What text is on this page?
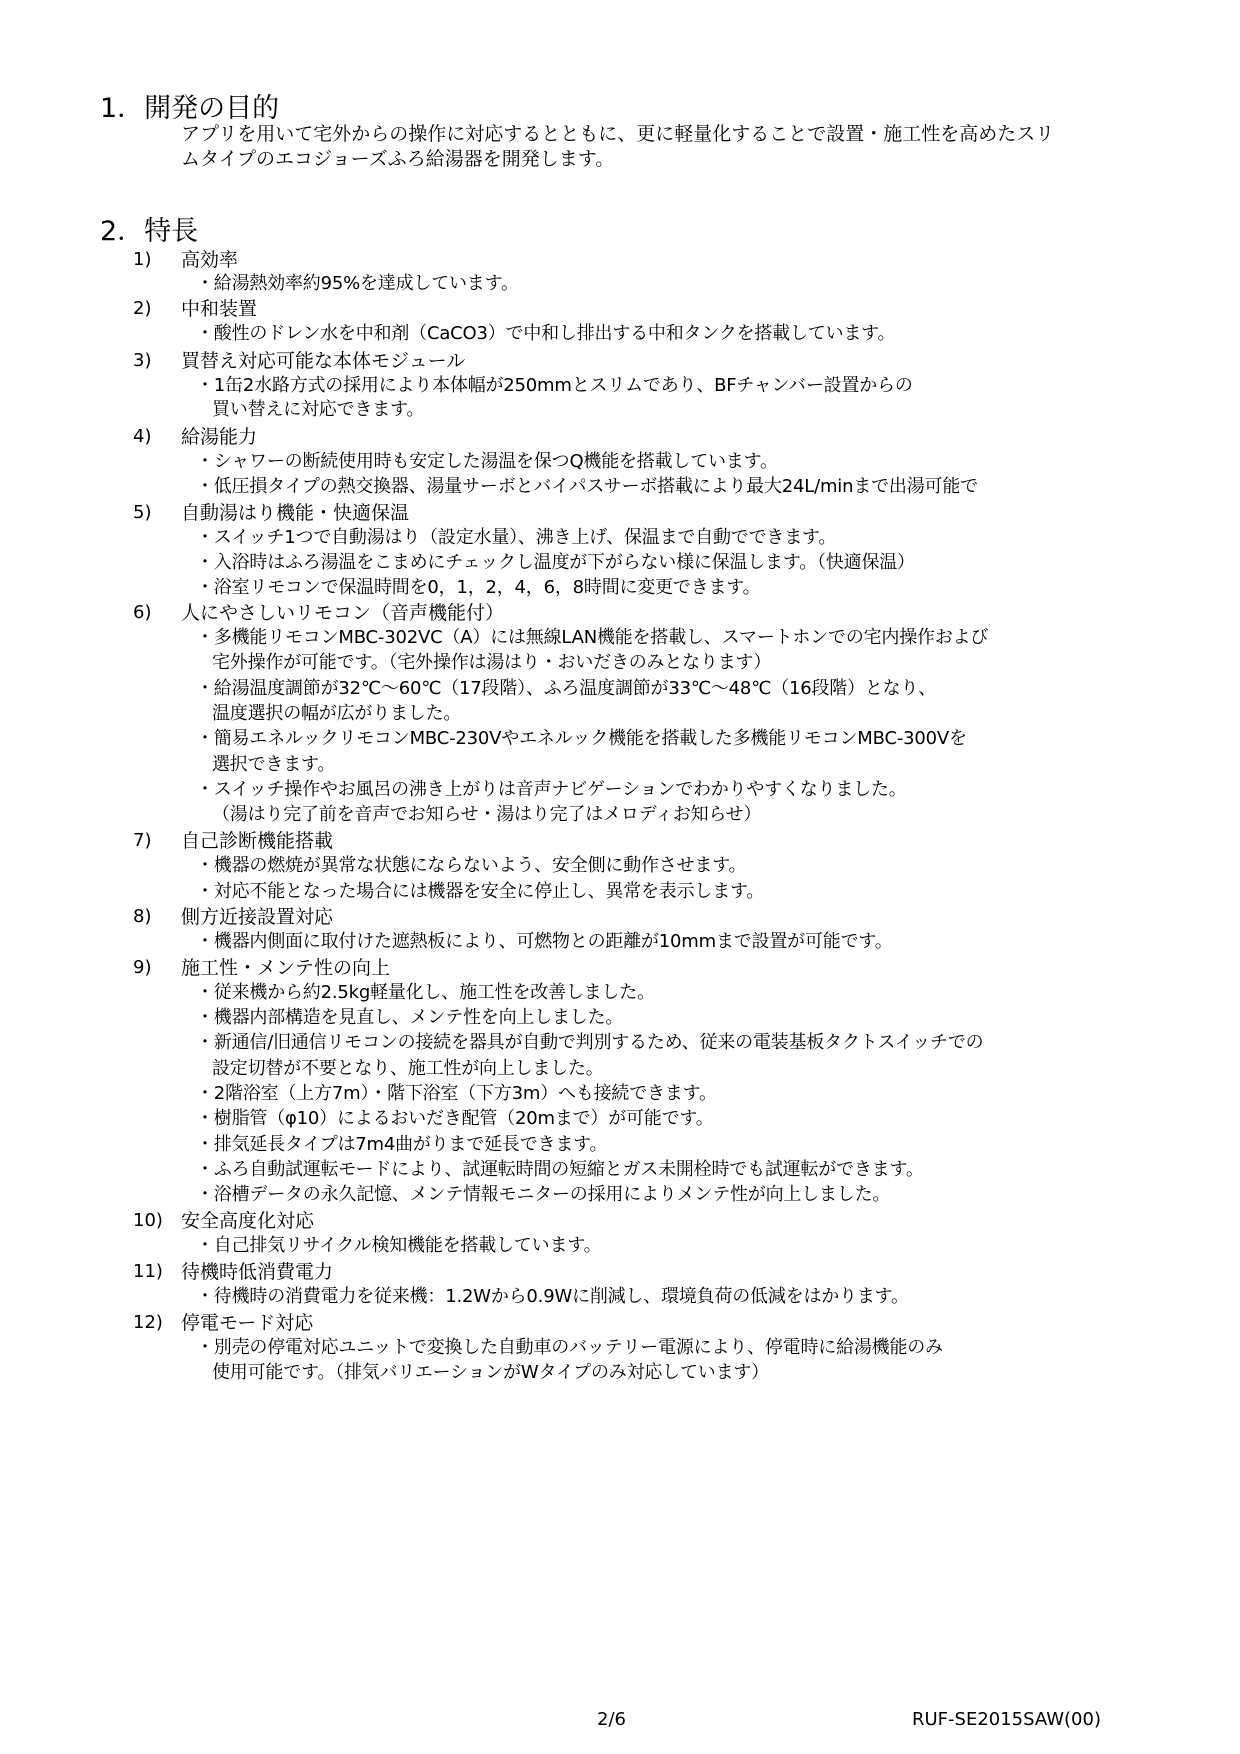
1．開発の目的
アプリを用いて宅外からの操作に対応するとともに、更に軽量化することで設置・施工性を高めたスリ
ムタイプのエコジョーズふろ給湯器を開発します。
2．特長
1) 高効率
・給湯熱効率約95%を達成しています。
2) 中和装置
・酸性のドレン水を中和剤（CaCO3）で中和し排出する中和タンクを搭載しています。
3) 買替え対応可能な本体モジュール
・1缶2水路方式の採用により本体幅が250mmとスリムであり、BFチャンバー設置からの
買い替えに対応できます。
4) 給湯能力
・シャワーの断続使用時も安定した湯温を保つQ機能を搭載しています。
・低圧損タイプの熱交換器、湯量サーボとバイパスサーボ搭載により最大24L/minまで出湯可能で
5) 自動湯はり機能・快適保温
・スイッチ1つで自動湯はり（設定水量）、沸き上げ、保温まで自動でできます。
・入浴時はふろ湯温をこまめにチェックし温度が下がらない様に保温します。（快適保温）
・浴室リモコンで保温時間を0，1，2，4，6，8時間に変更できます。
6) 人にやさしいリモコン（音声機能付）
・多機能リモコンMBC-302VC（A）には無線LAN機能を搭載し、スマートホンでの宅内操作および
宅外操作が可能です。（宅外操作は湯はり・おいだきのみとなります）
・給湯温度調節が32℃～60℃（17段階）、ふろ温度調節が33℃～48℃（16段階）となり、
温度選択の幅が広がりました。
・簡易エネルックリモコンMBC-230Vやエネルック機能を搭載した多機能リモコンMBC-300Vを
選択できます。
・スイッチ操作やお風呂の沸き上がりは音声ナビゲーションでわかりやすくなりました。
（湯はり完了前を音声でお知らせ・湯はり完了はメロディお知らせ）
7) 自己診断機能搭載
・機器の燃焼が異常な状態にならないよう、安全側に動作させます。
・対応不能となった場合には機器を安全に停止し、異常を表示します。
8) 側方近接設置対応
・機器内側面に取付けた遮熱板により、可燃物との距離が10mmまで設置が可能です。
9) 施工性・メンテ性の向上
・従来機から約2.5kg軽量化し、施工性を改善しました。
・機器内部構造を見直し、メンテ性を向上しました。
・新通信/旧通信リモコンの接続を器具が自動で判別するため、従来の電装基板タクトスイッチでの
設定切替が不要となり、施工性が向上しました。
・2階浴室（上方7m）・階下浴室（下方3m）へも接続できます。
・樹脂管（φ10）によるおいだき配管（20mまで）が可能です。
・排気延長タイプは7m4曲がりまで延長できます。
・ふろ自動試運転モードにより、試運転時間の短縮とガス未開栓時でも試運転ができます。
・浴槽データの永久記憶、メンテ情報モニターの採用によりメンテ性が向上しました。
10) 安全高度化対応
・自己排気リサイクル検知機能を搭載しています。
11) 待機時低消費電力
・待機時の消費電力を従来機：1.2Wから0.9Wに削減し、環境負荷の低減をはかります。
12) 停電モード対応
・別売の停電対応ユニットで変換した自動車のバッテリー電源により、停電時に給湯機能のみ
使用可能です。（排気バリエーションがWタイプのみ対応しています）
2/6	RUF-SE2015SAW(00)
